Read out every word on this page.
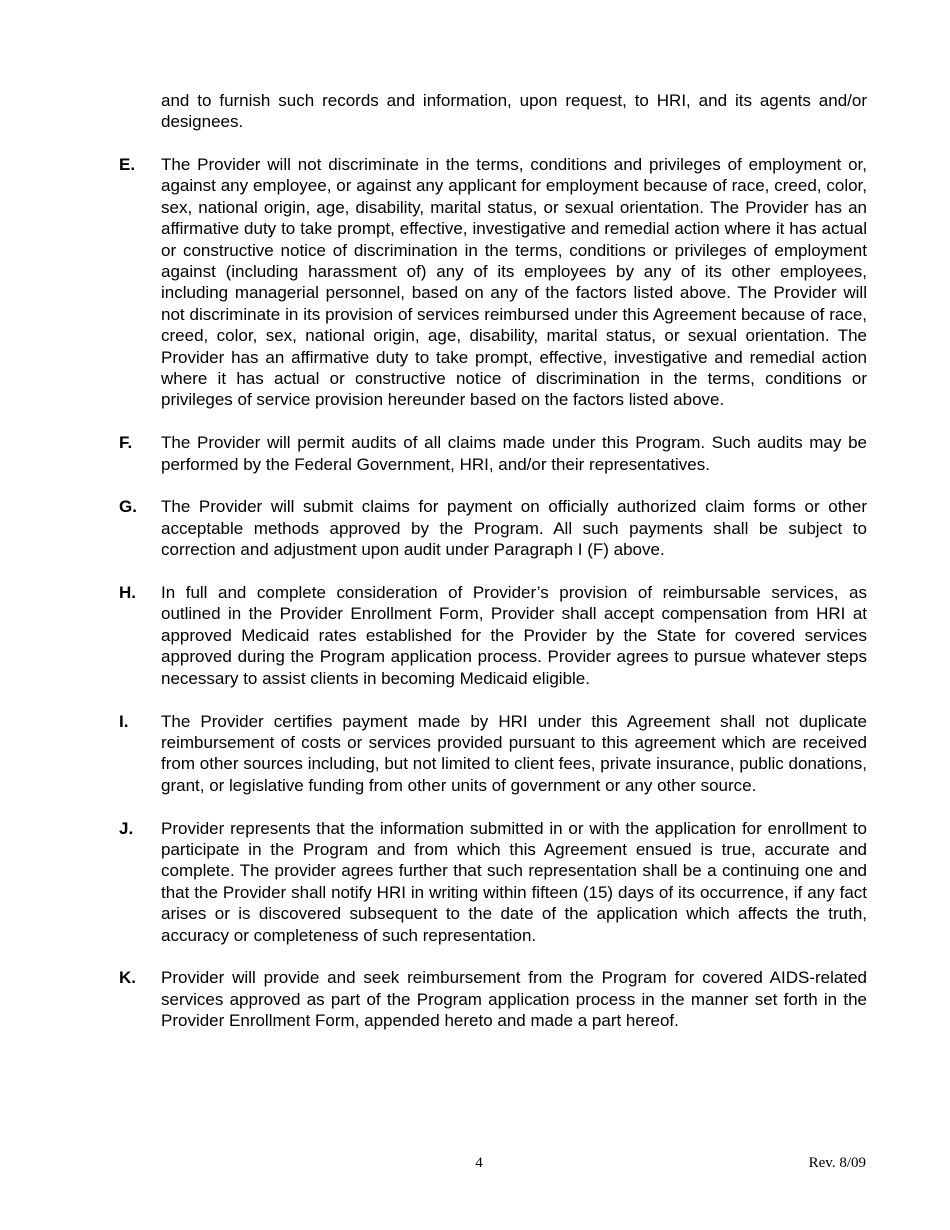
and to furnish such records and information, upon request, to HRI, and its agents and/or designees.

E.	The Provider will not discriminate in the terms, conditions and privileges of employment or, against any employee, or against any applicant for employment because of race, creed, color, sex, national origin, age, disability, marital status, or sexual orientation. The Provider has an affirmative duty to take prompt, effective, investigative and remedial action where it has actual or constructive notice of discrimination in the terms, conditions or privileges of employment against (including harassment of) any of its employees by any of its other employees, including managerial personnel, based on any of the factors listed above. The Provider will not discriminate in its provision of services reimbursed under this Agreement because of race, creed, color, sex, national origin, age, disability, marital status, or sexual orientation. The Provider has an affirmative duty to take prompt, effective, investigative and remedial action where it has actual or constructive notice of discrimination in the terms, conditions or privileges of service provision hereunder based on the factors listed above.

F.	The Provider will permit audits of all claims made under this Program. Such audits may be performed by the Federal Government, HRI, and/or their representatives.

G.	The Provider will submit claims for payment on officially authorized claim forms or other acceptable methods approved by the Program. All such payments shall be subject to correction and adjustment upon audit under Paragraph I (F) above.

H.	In full and complete consideration of Provider’s provision of reimbursable services, as outlined in the Provider Enrollment Form, Provider shall accept compensation from HRI at approved Medicaid rates established for the Provider by the State for covered services approved during the Program application process. Provider agrees to pursue whatever steps necessary to assist clients in becoming Medicaid eligible.

I.	The Provider certifies payment made by HRI under this Agreement shall not duplicate reimbursement of costs or services provided pursuant to this agreement which are received from other sources including, but not limited to client fees, private insurance, public donations, grant, or legislative funding from other units of government or any other source.

J.	Provider represents that the information submitted in or with the application for enrollment to participate in the Program and from which this Agreement ensued is true, accurate and complete. The provider agrees further that such representation shall be a continuing one and that the Provider shall notify HRI in writing within fifteen (15) days of its occurrence, if any fact arises or is discovered subsequent to the date of the application which affects the truth, accuracy or completeness of such representation.

K.	Provider will provide and seek reimbursement from the Program for covered AIDS-related services approved as part of the Program application process in the manner set forth in the Provider Enrollment Form, appended hereto and made a part hereof.

4	Rev. 8/09
